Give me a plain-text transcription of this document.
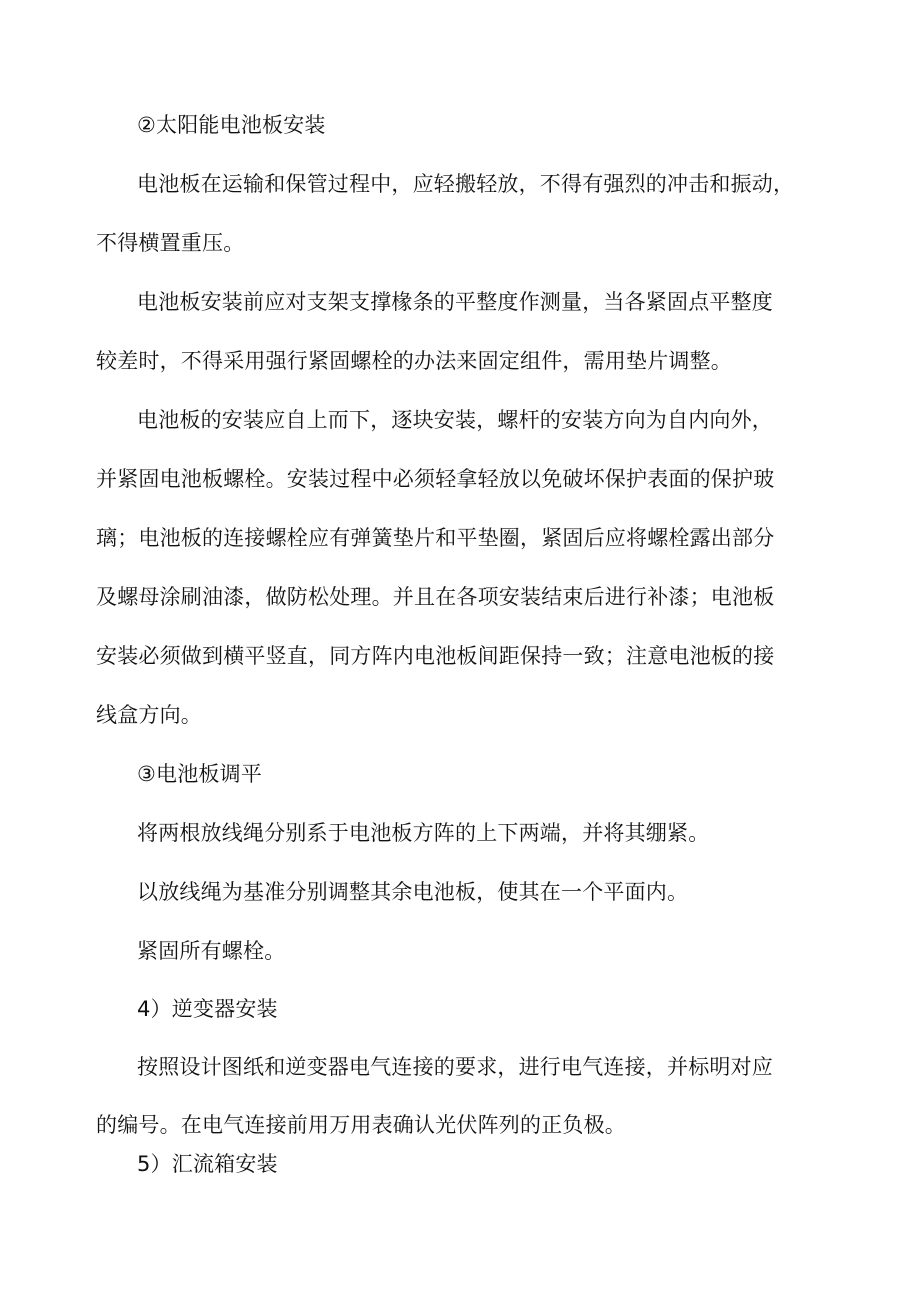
②太阳能电池板安装
电池板在运输和保管过程中，应轻搬轻放，不得有强烈的冲击和振动，
不得横置重压。
电池板安装前应对支架支撑椽条的平整度作测量，当各紧固点平整度
较差时，不得采用强行紧固螺栓的办法来固定组件，需用垫片调整。
电池板的安装应自上而下，逐块安装，螺杆的安装方向为自内向外，
并紧固电池板螺栓。安装过程中必须轻拿轻放以免破坏保护表面的保护玻
璃；电池板的连接螺栓应有弹簧垫片和平垫圈，紧固后应将螺栓露出部分
及螺母涂刷油漆，做防松处理。并且在各项安装结束后进行补漆；电池板
安装必须做到横平竖直，同方阵内电池板间距保持一致；注意电池板的接
线盒方向。
③电池板调平
将两根放线绳分别系于电池板方阵的上下两端，并将其绷紧。
以放线绳为基准分别调整其余电池板，使其在一个平面内。
紧固所有螺栓。
4）逆变器安装
按照设计图纸和逆变器电气连接的要求，进行电气连接，并标明对应
的编号。在电气连接前用万用表确认光伏阵列的正负极。
5）汇流箱安装
